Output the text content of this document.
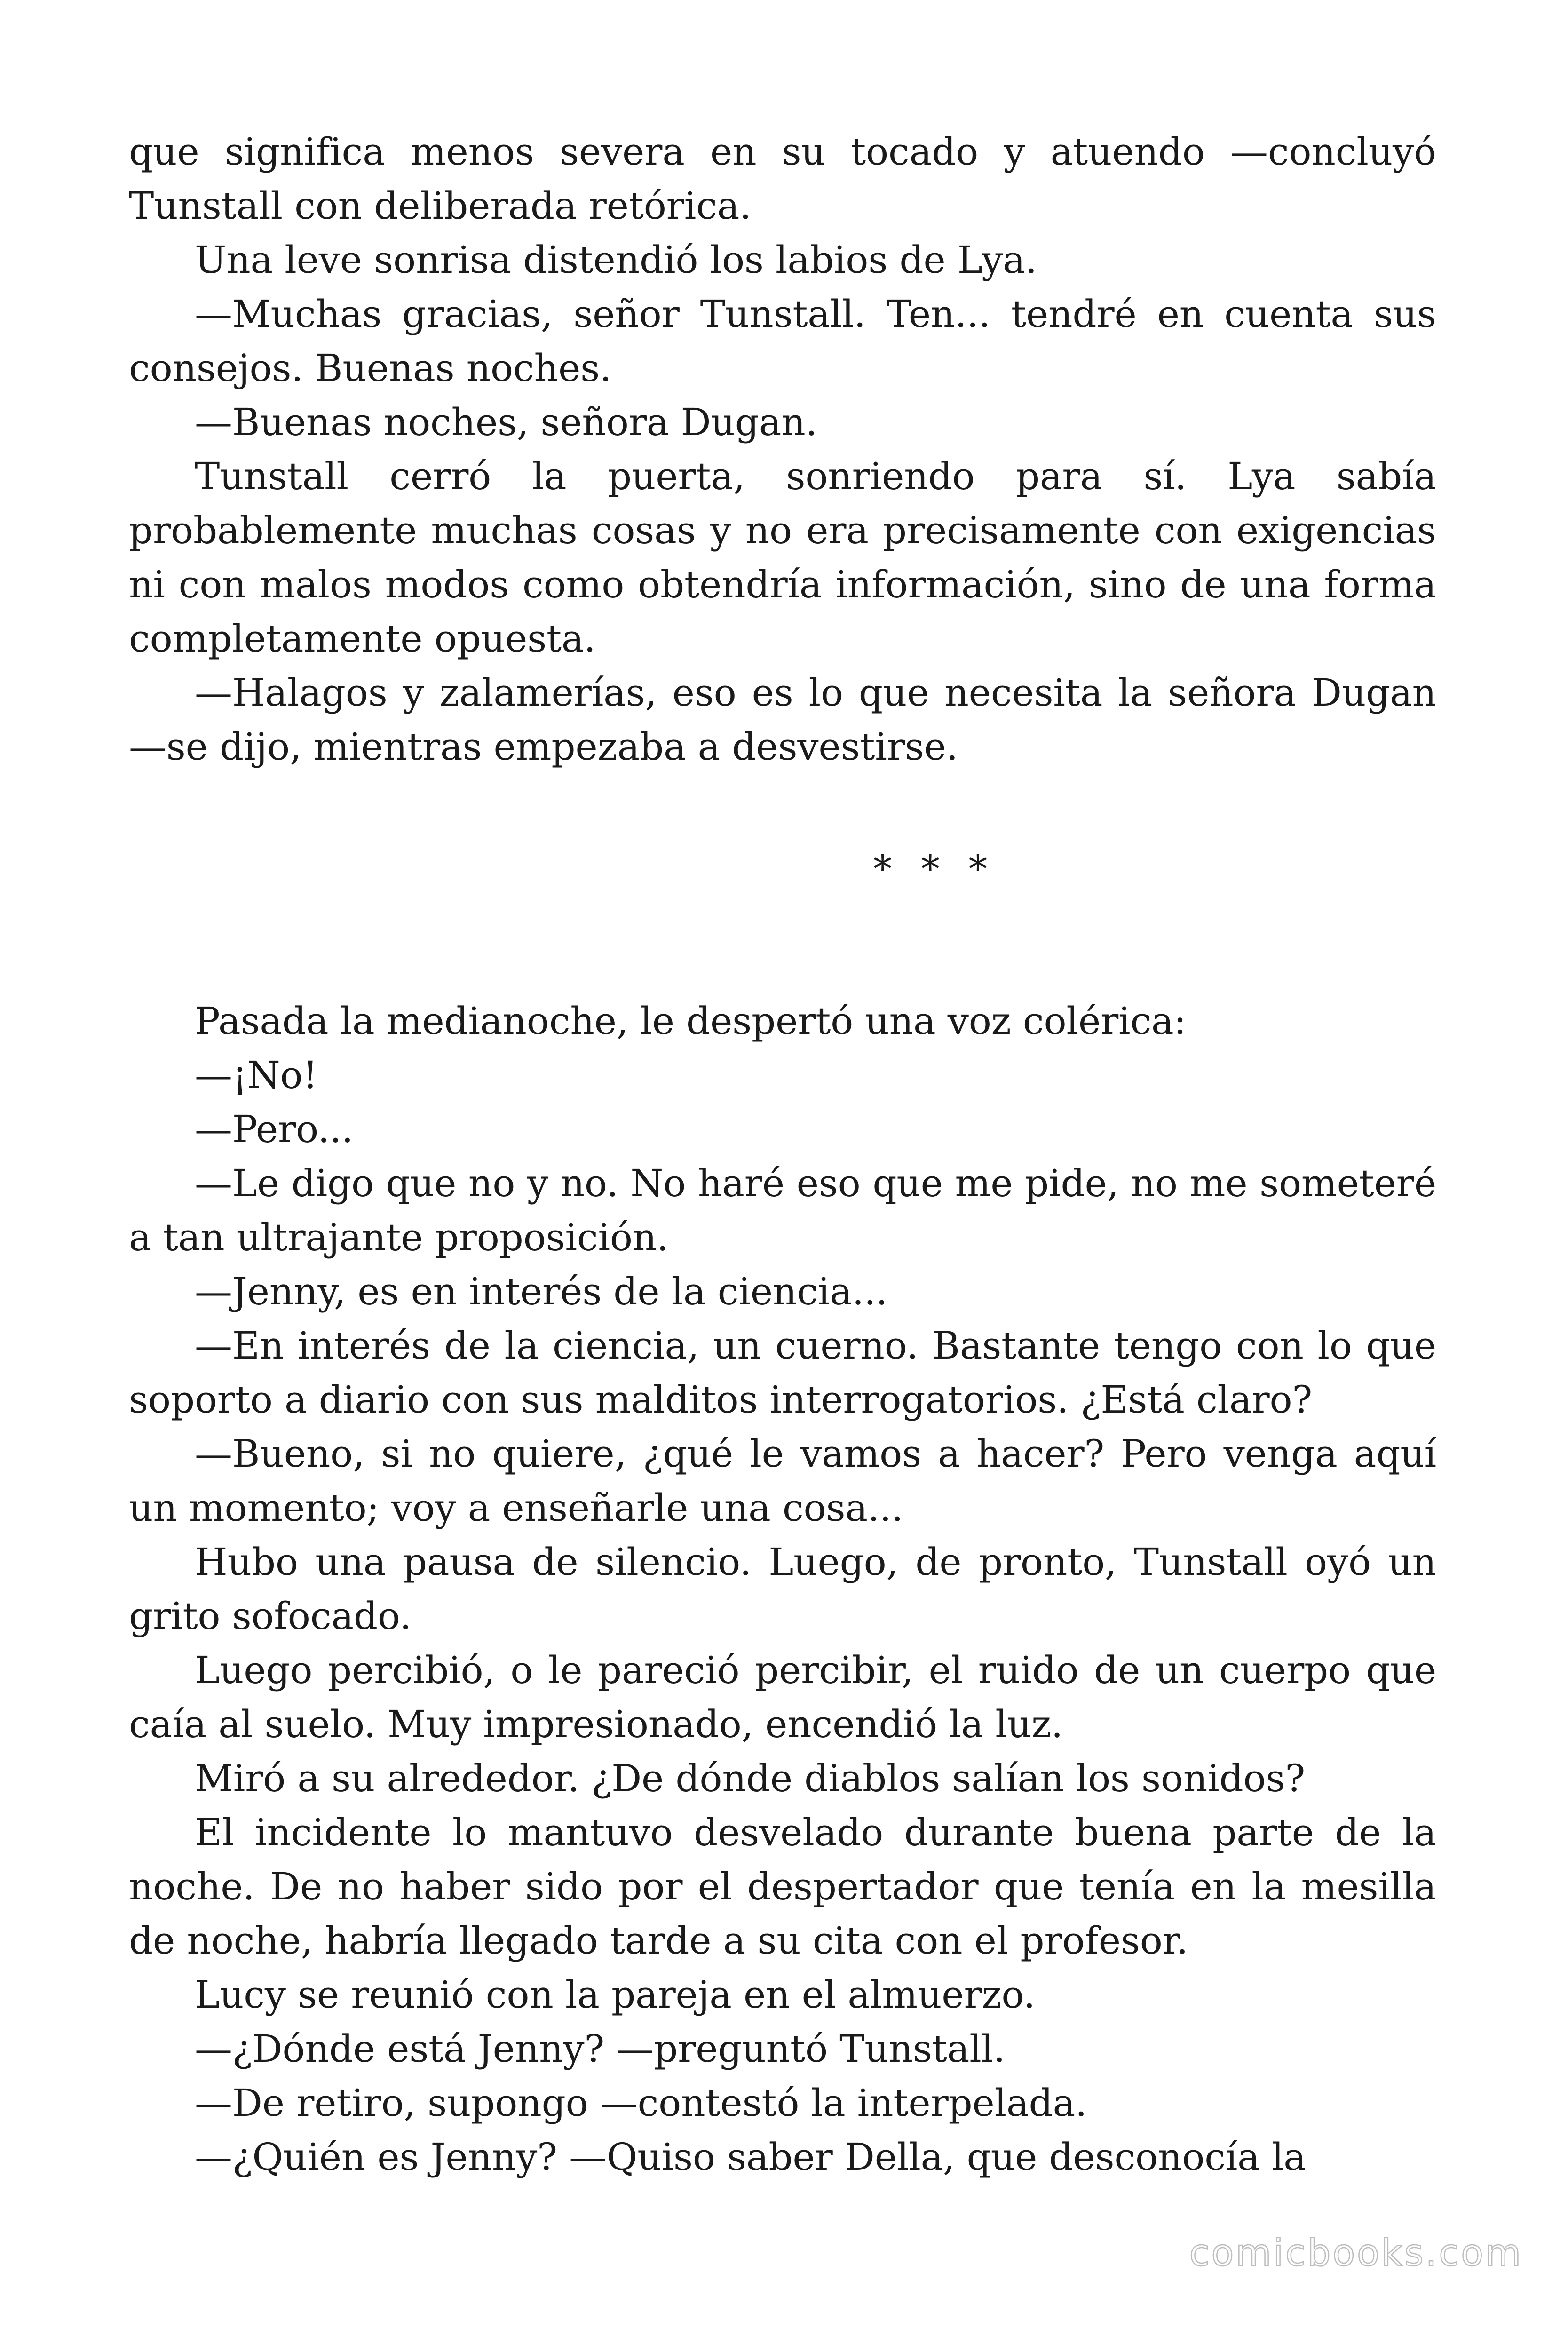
que significa menos severa en su tocado y atuendo —concluyó Tunstall con deliberada retórica.

Una leve sonrisa distendió los labios de Lya.

—Muchas gracias, señor Tunstall. Ten... tendré en cuenta sus consejos. Buenas noches.

—Buenas noches, señora Dugan.

Tunstall cerró la puerta, sonriendo para sí. Lya sabía probablemente muchas cosas y no era precisamente con exigencias ni con malos modos como obtendría información, sino de una forma completamente opuesta.

—Halagos y zalamerías, eso es lo que necesita la señora Dugan —se dijo, mientras empezaba a desvestirse.

* * *

Pasada la medianoche, le despertó una voz colérica:

—¡No!

—Pero...

—Le digo que no y no. No haré eso que me pide, no me someteré a tan ultrajante proposición.

—Jenny, es en interés de la ciencia...

—En interés de la ciencia, un cuerno. Bastante tengo con lo que soporto a diario con sus malditos interrogatorios. ¿Está claro?

—Bueno, si no quiere, ¿qué le vamos a hacer? Pero venga aquí un momento; voy a enseñarle una cosa...

Hubo una pausa de silencio. Luego, de pronto, Tunstall oyó un grito sofocado.

Luego percibió, o le pareció percibir, el ruido de un cuerpo que caía al suelo. Muy impresionado, encendió la luz.

Miró a su alrededor. ¿De dónde diablos salían los sonidos?

El incidente lo mantuvo desvelado durante buena parte de la noche. De no haber sido por el despertador que tenía en la mesilla de noche, habría llegado tarde a su cita con el profesor.

Lucy se reunió con la pareja en el almuerzo.

—¿Dónde está Jenny? —preguntó Tunstall.

—De retiro, supongo —contestó la interpelada.

—¿Quién es Jenny? —Quiso saber Della, que desconocía la

comicbooks.com
